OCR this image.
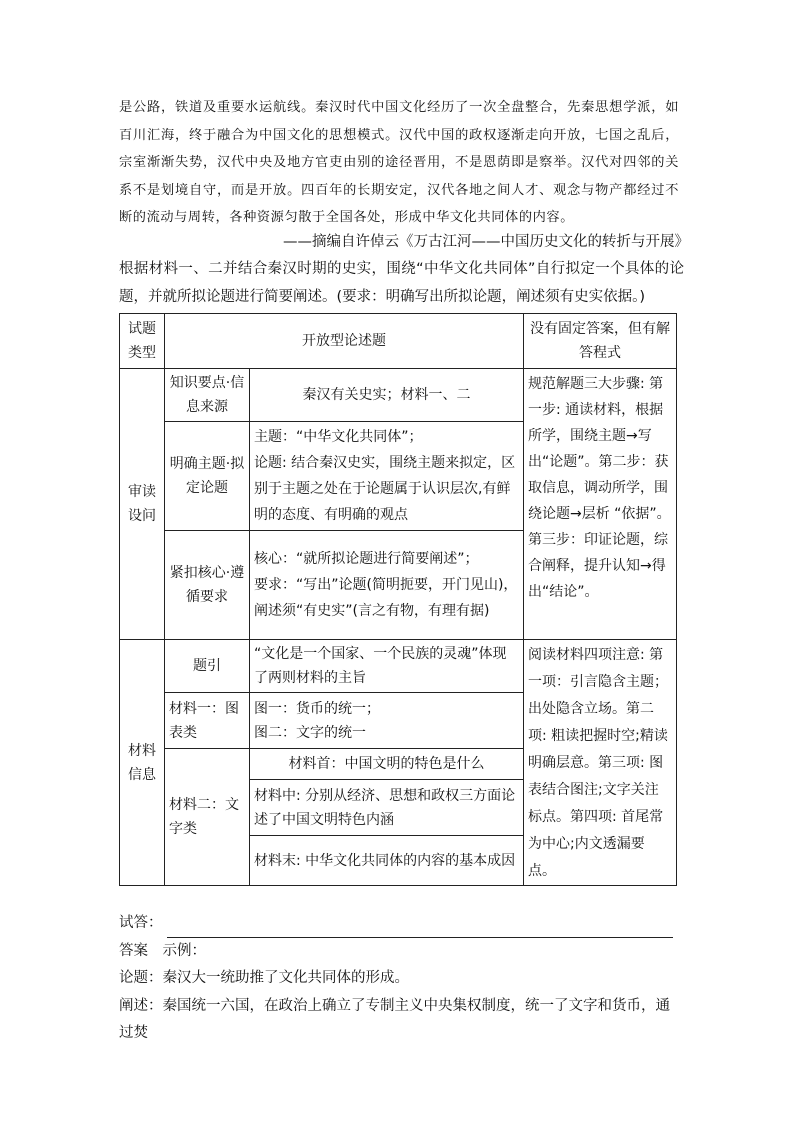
是公路，铁道及重要水运航线。秦汉时代中国文化经历了一次全盘整合，先秦思想学派，如百川汇海，终于融合为中国文化的思想模式。汉代中国的政权逐渐走向开放，七国之乱后，宗室渐渐失势，汉代中央及地方官吏由别的途径晋用，不是恩荫即是察举。汉代对四邻的关系不是划境自守，而是开放。四百年的长期安定，汉代各地之间人才、观念与物产都经过不断的流动与周转，各种资源匀散于全国各处，形成中华文化共同体的内容。

——摘编自许倬云《万古江河——中国历史文化的转折与开展》
根据材料一、二并结合秦汉时期的史实，围绕“中华文化共同体”自行拟定一个具体的论题，并就所拟论题进行简要阐述。(要求：明确写出所拟论题，阐述须有史实依据。)
试题类型	开放型论述题		没有固定答案，但有解答程式
审读设问	知识要点·信息来源	秦汉有关史实；材料一、二	规范解题三大步骤: 第一步: 通读材料，根据所学，围绕主题→写出“论题”。第二步：获取信息，调动所学，围绕论题→层析 “依据”。第三步：印证论题，综合阐释，提升认知→得出“结论”。
	明确主题·拟定论题	主题：“中华文化共同体”；
论题: 结合秦汉史实，围绕主题来拟定，区别于主题之处在于论题属于认识层次,有鲜明的态度、有明确的观点	

	紧扣核心·遵循要求	核心：“就所拟论题进行简要阐述”；
要求：“写出”论题(简明扼要，开门见山)，阐述须“有史实”(言之有物，有理有据)	

材料信息	题引	“文化是一个国家、一个民族的灵魂”体现了两则材料的主旨	阅读材料四项注意: 第一项：引言隐含主题；出处隐含立场。第二项: 粗读把握时空;精读明确层意。第三项: 图表结合图注;文字关注标点。第四项: 首尾常为中心;内文透漏要点。
	材料一：图表类	图一：货币的统一；
图二：文字的统一	

	材料二：文字类	材料首：中国文明的特色是什么	
		材料中: 分别从经济、思想和政权三方面论述了中国文明特色内涵	
		材料末: 中华文化共同体的内容的基本成因	
试答：

答案　示例：

论题：秦汉大一统助推了文化共同体的形成。

阐述：秦国统一六国，在政治上确立了专制主义中央集权制度，统一了文字和货币，通过焚
